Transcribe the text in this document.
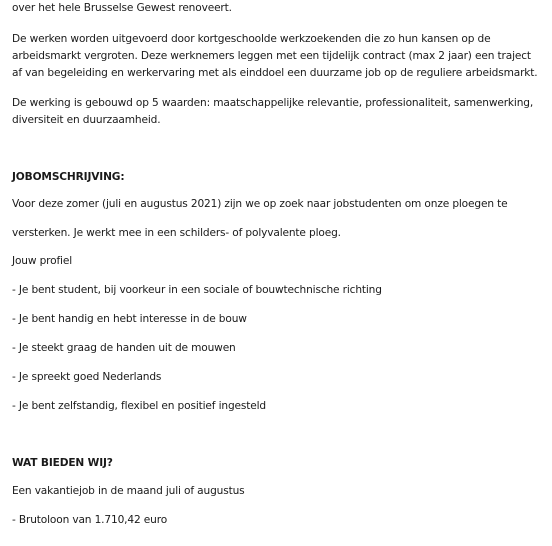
over het hele Brusselse Gewest renoveert.
De werken worden uitgevoerd door kortgeschoolde werkzoekenden die zo hun kansen op de
arbeidsmarkt vergroten. Deze werknemers leggen met een tijdelijk contract (max 2 jaar) een traject
af van begeleiding en werkervaring met als einddoel een duurzame job op de reguliere arbeidsmarkt.
De werking is gebouwd op 5 waarden: maatschappelijke relevantie, professionaliteit, samenwerking,
diversiteit en duurzaamheid.
JOBOMSCHRIJVING:
Voor deze zomer (juli en augustus 2021) zijn we op zoek naar jobstudenten om onze ploegen te
versterken. Je werkt mee in een schilders- of polyvalente ploeg.
Jouw profiel
- Je bent student, bij voorkeur in een sociale of bouwtechnische richting
- Je bent handig en hebt interesse in de bouw
- Je steekt graag de handen uit de mouwen
- Je spreekt goed Nederlands
- Je bent zelfstandig, flexibel en positief ingesteld
WAT BIEDEN WIJ?
Een vakantiejob in de maand juli of augustus
- Brutoloon van 1.710,42 euro
